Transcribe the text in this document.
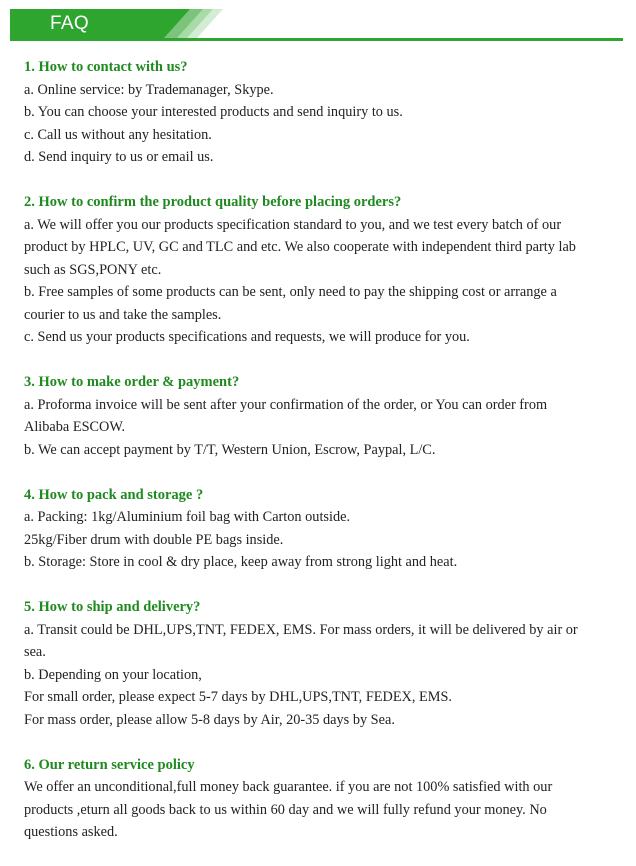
FAQ
1. How to contact with us?
a. Online service: by Trademanager, Skype.
b. You can choose your interested products and send inquiry to us.
c. Call us without any hesitation.
d. Send inquiry to us or email us.
2. How to confirm the product quality before placing orders?
a. We will offer you our products specification standard to you, and we test every batch of our
product by HPLC, UV, GC and TLC and etc. We also cooperate with independent third party lab
such as SGS,PONY etc.
b. Free samples of some products can be sent, only need to pay the shipping cost or arrange a
courier to us and take the samples.
c. Send us your products specifications and requests, we will produce for you.
3. How to make order & payment?
a. Proforma invoice will be sent after your confirmation of the order, or You can order from
Alibaba ESCOW.
b. We can accept payment by T/T, Western Union, Escrow, Paypal, L/C.
4. How to pack and storage ?
a. Packing: 1kg/Aluminium foil bag with Carton outside.
25kg/Fiber drum with double PE bags inside.
b. Storage: Store in cool & dry place, keep away from strong light and heat.
5. How to ship and delivery?
a. Transit could be DHL,UPS,TNT, FEDEX, EMS. For mass orders, it will be delivered by air or
sea.
b. Depending on your location,
For small order, please expect 5-7 days by DHL,UPS,TNT, FEDEX, EMS.
For mass order, please allow 5-8 days by Air, 20-35 days by Sea.
6. Our return service policy
We offer an unconditional,full money back guarantee. if you are not 100% satisfied with our
products ,eturn all goods back to us within 60 day and we will fully refund your money. No
questions asked.
